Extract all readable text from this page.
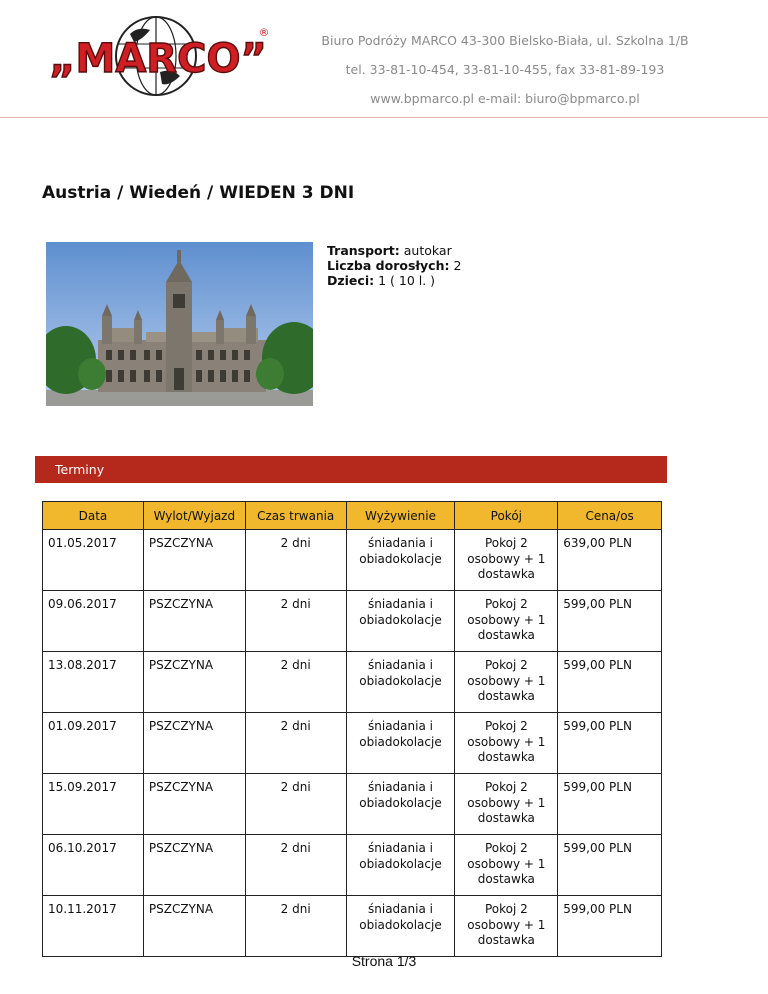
„MARCO”
®
Biuro Podróży MARCO 43-300 Bielsko-Biała, ul. Szkolna 1/B
tel. 33-81-10-454, 33-81-10-455, fax 33-81-89-193
www.bpmarco.pl e-mail: biuro@bpmarco.pl
Austria / Wiedeń / WIEDEN 3 DNI
Transport: autokar
Liczba dorosłych: 2
Dzieci: 1 ( 10 l. )
Terminy
Data	Wylot/Wyjazd	Czas trwania	Wyżywienie	Pokój	Cena/os
01.05.2017	PSZCZYNA	2 dni	śniadania i obiadokolacje	Pokoj 2 osobowy + 1 dostawka	639,00 PLN
09.06.2017	PSZCZYNA	2 dni	śniadania i obiadokolacje	Pokoj 2 osobowy + 1 dostawka	599,00 PLN
13.08.2017	PSZCZYNA	2 dni	śniadania i obiadokolacje	Pokoj 2 osobowy + 1 dostawka	599,00 PLN
01.09.2017	PSZCZYNA	2 dni	śniadania i obiadokolacje	Pokoj 2 osobowy + 1 dostawka	599,00 PLN
15.09.2017	PSZCZYNA	2 dni	śniadania i obiadokolacje	Pokoj 2 osobowy + 1 dostawka	599,00 PLN
06.10.2017	PSZCZYNA	2 dni	śniadania i obiadokolacje	Pokoj 2 osobowy + 1 dostawka	599,00 PLN
10.11.2017	PSZCZYNA	2 dni	śniadania i obiadokolacje	Pokoj 2 osobowy + 1 dostawka	599,00 PLN
Strona 1/3
